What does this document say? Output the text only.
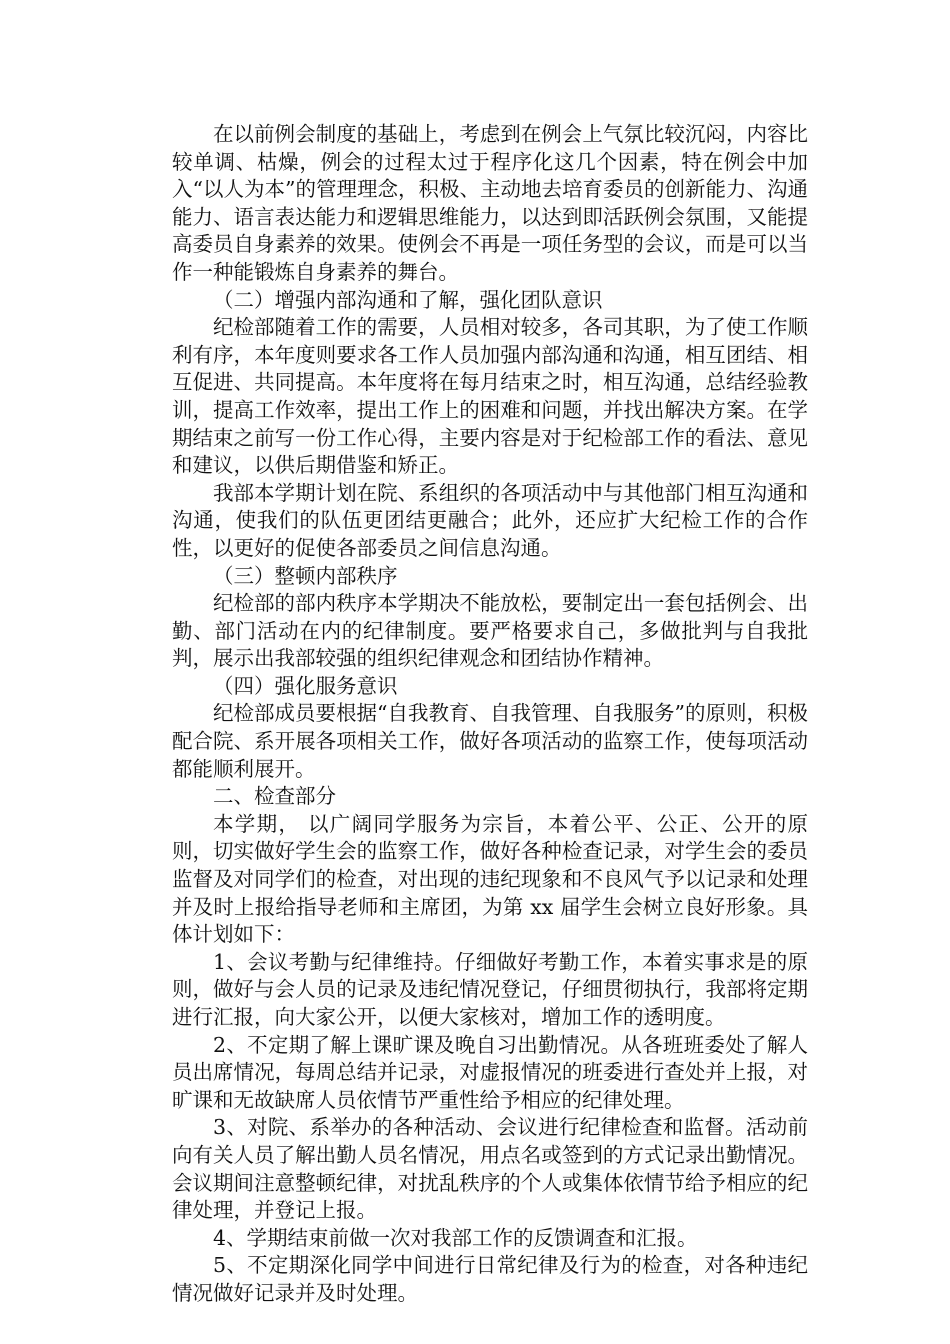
在以前例会制度的基础上，考虑到在例会上气氛比较沉闷，内容比较单调、枯燥，例会的过程太过于程序化这几个因素，特在例会中加入“以人为本”的管理理念，积极、主动地去培育委员的创新能力、沟通能力、语言表达能力和逻辑思维能力，以达到即活跃例会氛围，又能提高委员自身素养的效果。使例会不再是一项任务型的会议，而是可以当作一种能锻炼自身素养的舞台。

（二）增强内部沟通和了解，强化团队意识

纪检部随着工作的需要，人员相对较多，各司其职，为了使工作顺利有序，本年度则要求各工作人员加强内部沟通和沟通，相互团结、相互促进、共同提高。本年度将在每月结束之时，相互沟通，总结经验教训，提高工作效率，提出工作上的困难和问题，并找出解决方案。在学期结束之前写一份工作心得，主要内容是对于纪检部工作的看法、意见和建议，以供后期借鉴和矫正。

我部本学期计划在院、系组织的各项活动中与其他部门相互沟通和沟通，使我们的队伍更团结更融合；此外，还应扩大纪检工作的合作性，以更好的促使各部委员之间信息沟通。

（三）整顿内部秩序

纪检部的部内秩序本学期决不能放松，要制定出一套包括例会、出勤、部门活动在内的纪律制度。要严格要求自己，多做批判与自我批判，展示出我部较强的组织纪律观念和团结协作精神。

（四）强化服务意识

纪检部成员要根据“自我教育、自我管理、自我服务”的原则，积极配合院、系开展各项相关工作，做好各项活动的监察工作，使每项活动都能顺利展开。

二、检查部分

本学期， 以广阔同学服务为宗旨，本着公平、公正、公开的原则，切实做好学生会的监察工作，做好各种检查记录，对学生会的委员监督及对同学们的检查，对出现的违纪现象和不良风气予以记录和处理并及时上报给指导老师和主席团，为第 xx 届学生会树立良好形象。具体计划如下：

1、会议考勤与纪律维持。仔细做好考勤工作，本着实事求是的原则，做好与会人员的记录及违纪情况登记，仔细贯彻执行，我部将定期进行汇报，向大家公开，以便大家核对，增加工作的透明度。

2、不定期了解上课旷课及晚自习出勤情况。从各班班委处了解人员出席情况，每周总结并记录，对虚报情况的班委进行查处并上报，对旷课和无故缺席人员依情节严重性给予相应的纪律处理。

3、对院、系举办的各种活动、会议进行纪律检查和监督。活动前向有关人员了解出勤人员名情况，用点名或签到的方式记录出勤情况。会议期间注意整顿纪律，对扰乱秩序的个人或集体依情节给予相应的纪律处理，并登记上报。

4、学期结束前做一次对我部工作的反馈调查和汇报。

5、不定期深化同学中间进行日常纪律及行为的检查，对各种违纪情况做好记录并及时处理。
